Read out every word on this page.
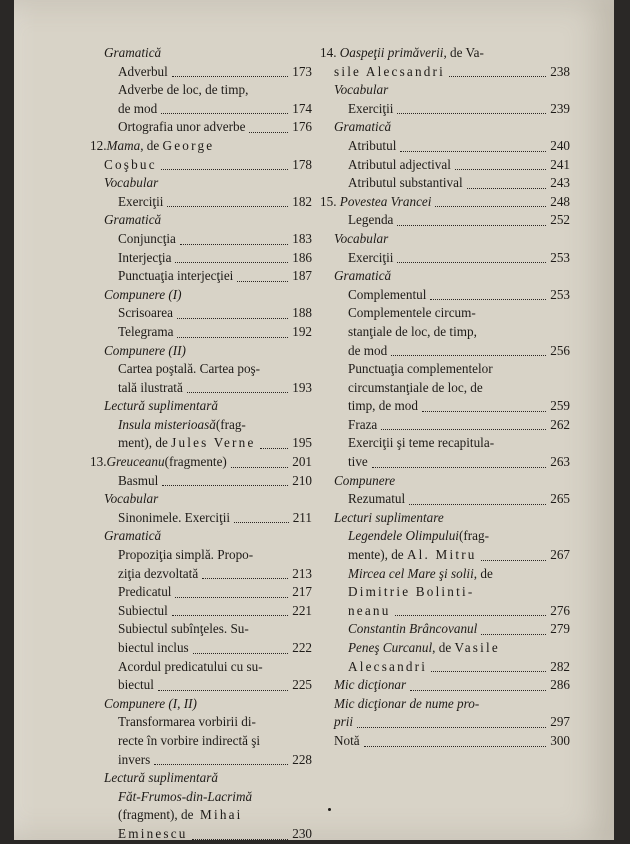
Gramatică
Adverbul	173
Adverbe de loc, de timp,
de mod	174
Ortografia unor adverbe	176
12. Mama , de
George
Coşbuc	178
Vocabular
Exerciţii	182
Gramatică
Conjuncţia	183
Interjecţia	186
Punctuaţia interjecţiei	187
Compunere (I)
Scrisoarea	188
Telegrama	192
Compunere (II)
Cartea poştală. Cartea poş-
tală ilustrată	193
Lectură suplimentară
Insula misterioasă (frag-
ment), de
Jules Verne	195
13. Greuceanu (fragmente)	201
Basmul	210
Vocabular
Sinonimele. Exerciţii	211
Gramatică
Propoziţia simplă. Propo-
ziţia dezvoltată	213
Predicatul	217
Subiectul	221
Subiectul subînţeles. Su-
biectul inclus	222
Acordul predicatului cu su-
biectul	225
Compunere (I, II)
Transformarea vorbirii di-
recte în vorbire indirectă şi
invers	228
Lectură suplimentară
Făt-Frumos-din-Lacrimă
(fragment), de
Mihai
Eminescu	230
14.
Oaspeţii primăverii , de Va-
sile Alecsandri	238
Vocabular
Exerciţii	239
Gramatică
Atributul	240
Atributul adjectival	241
Atributul substantival	243
15.
Povestea Vrancei	248
Legenda	252
Vocabular
Exerciţii	253
Gramatică
Complementul	253
Complementele circum-
stanţiale de loc, de timp,
de mod	256
Punctuaţia complementelor
circumstanţiale de loc, de
timp, de mod	259
Fraza	262
Exerciţii şi teme recapitula-
tive	263
Compunere
Rezumatul	265
Lecturi suplimentare
Legendele Olimpului (frag-
mente), de
Al. Mitru	267
Mircea cel Mare şi solii , de
Dimitrie Bolinti-
neanu	276
Constantin Brâncovanul	279
Peneş Curcanul , de
Vasile
Alecsandri	282
Mic dicţionar	286
Mic dicţionar de nume pro-
prii	297
Notă	300
